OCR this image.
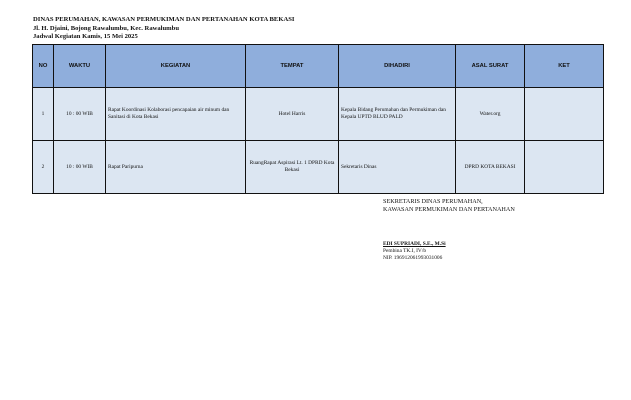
DINAS PERUMAHAN, KAWASAN PERMUKIMAN DAN PERTANAHAN KOTA BEKASI
Jl. H. Djaini, Bojong Rawalumbu, Kec. Rawalumbu
Jadwal Kegiatan Kamis, 15 Mei 2025
NO	WAKTU	KEGIATAN	TEMPAT	DIHADIRI	ASAL SURAT	KET
1	10 : 00 WIB	Rapat Koordinasi Kolaborasi pencapaian air minum dan Sanitasi di Kota Bekasi	Hotel Harris	Kepala Bidang Perumahan dan Permukiman dan Kepala UPTD BLUD PALD	Water.org	
2	10 : 00 WIB	Rapat Paripurna	RuangRapat Aspirasi Lt. 1 DPRD Kota Bekasi	Sekretaris Dinas	DPRD KOTA BEKASI	
SEKRETARIS DINAS PERUMAHAN,
KAWASAN PERMUKIMAN DAN PERTANAHAN
EDI SUPRIADI, S.E., M.Si
Pembina TK.I, IV/b
NIP. 196912061993031006
